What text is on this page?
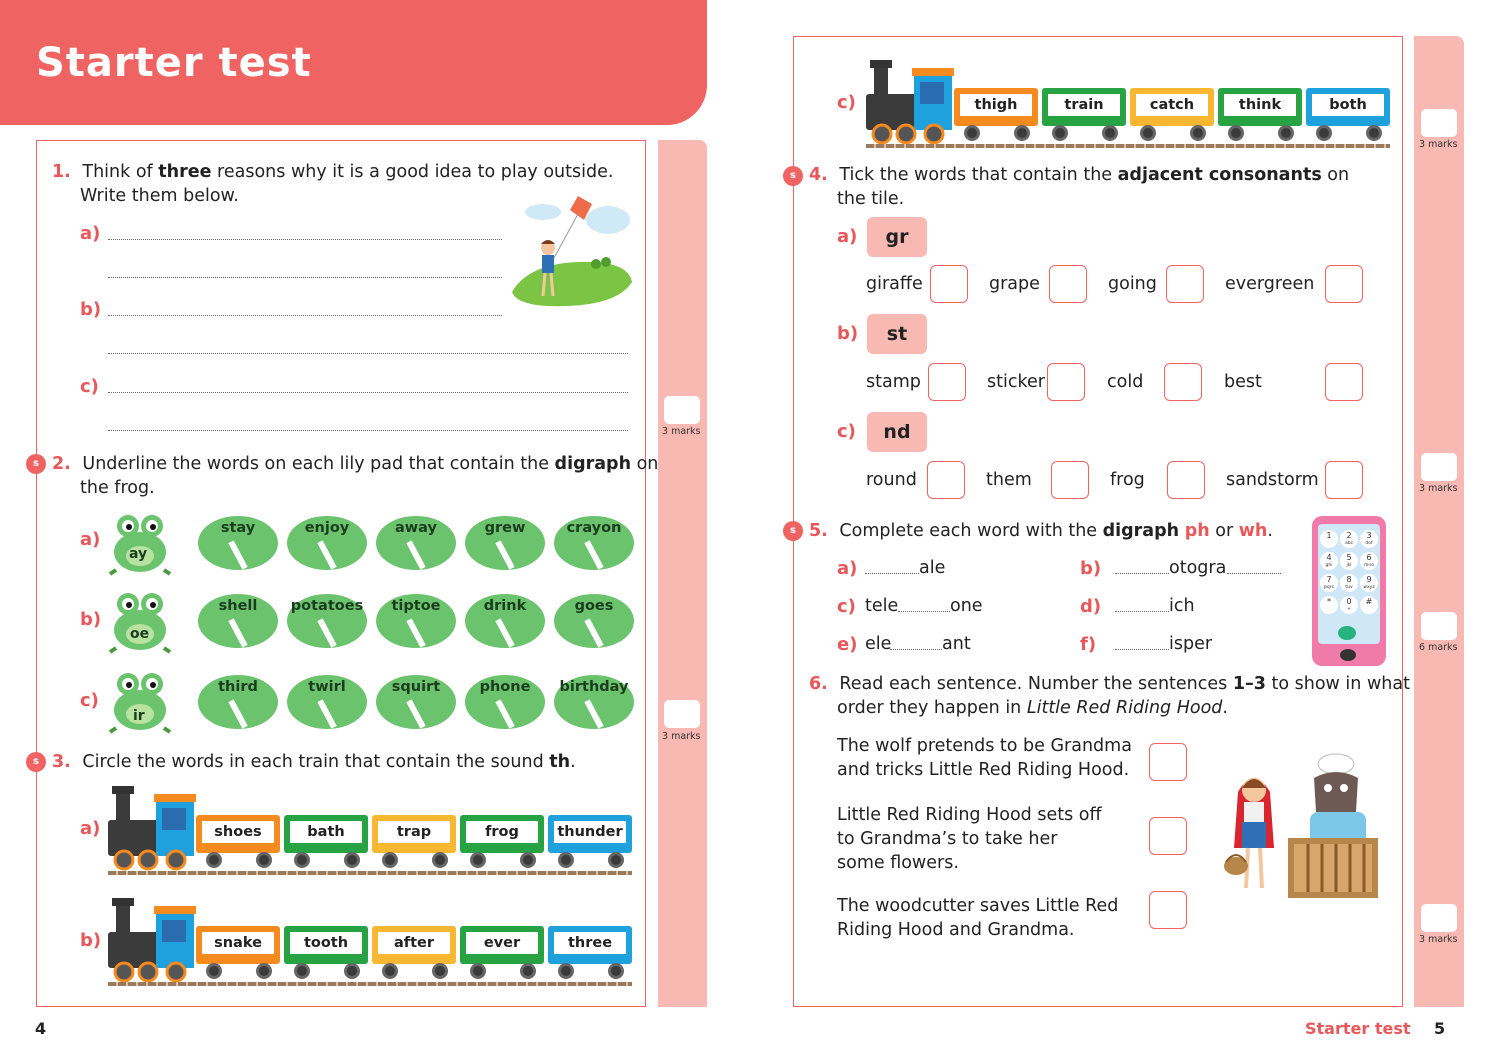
Starter test
3 marks
3 marks
3 marks
3 marks
6 marks
3 marks
1. Think of three reasons why it is a good idea to play outside.
Write them below.
a)
b)
c)
s 2. Underline the words on each lily pad that contain the digraph on
the frog.
a)
b)
c)
ay
oe
ir
stay	enjoy	away	grew	crayon
shell	potatoes	tiptoe	drink	goes
third	twirl	squirt	phone	birthday
s 3. Circle the words in each train that contain the sound th.
a)	shoes	bath	trap	frog	thunder
b)	snake	tooth	after	ever	three
c)	thigh	train	catch	think	both
s 4. Tick the words that contain the adjacent consonants on
the tile.
a)	gr
giraffe	grape	going	evergreen
b)	st
stamp	sticker	cold	best
c)	nd
round	them	frog	sandstorm
s 5. Complete each word with the digraph ph or wh.
a)	ale	b)	otogra
c) tele	one	d)	ich
e) ele	ant	f)	isper
1	2
abc
3
def
4
ghi
5
jkl
6
mno
7
pqrs
8
tuv
9
wxyz
*	0
+
#
6. Read each sentence. Number the sentences 1–3 to show in what
order they happen in Little Red Riding Hood.
The wolf pretends to be Grandma
and tricks Little Red Riding Hood.
Little Red Riding Hood sets off
to Grandma’s to take her
some flowers.
The woodcutter saves Little Red
Riding Hood and Grandma.
4	Starter test 5
